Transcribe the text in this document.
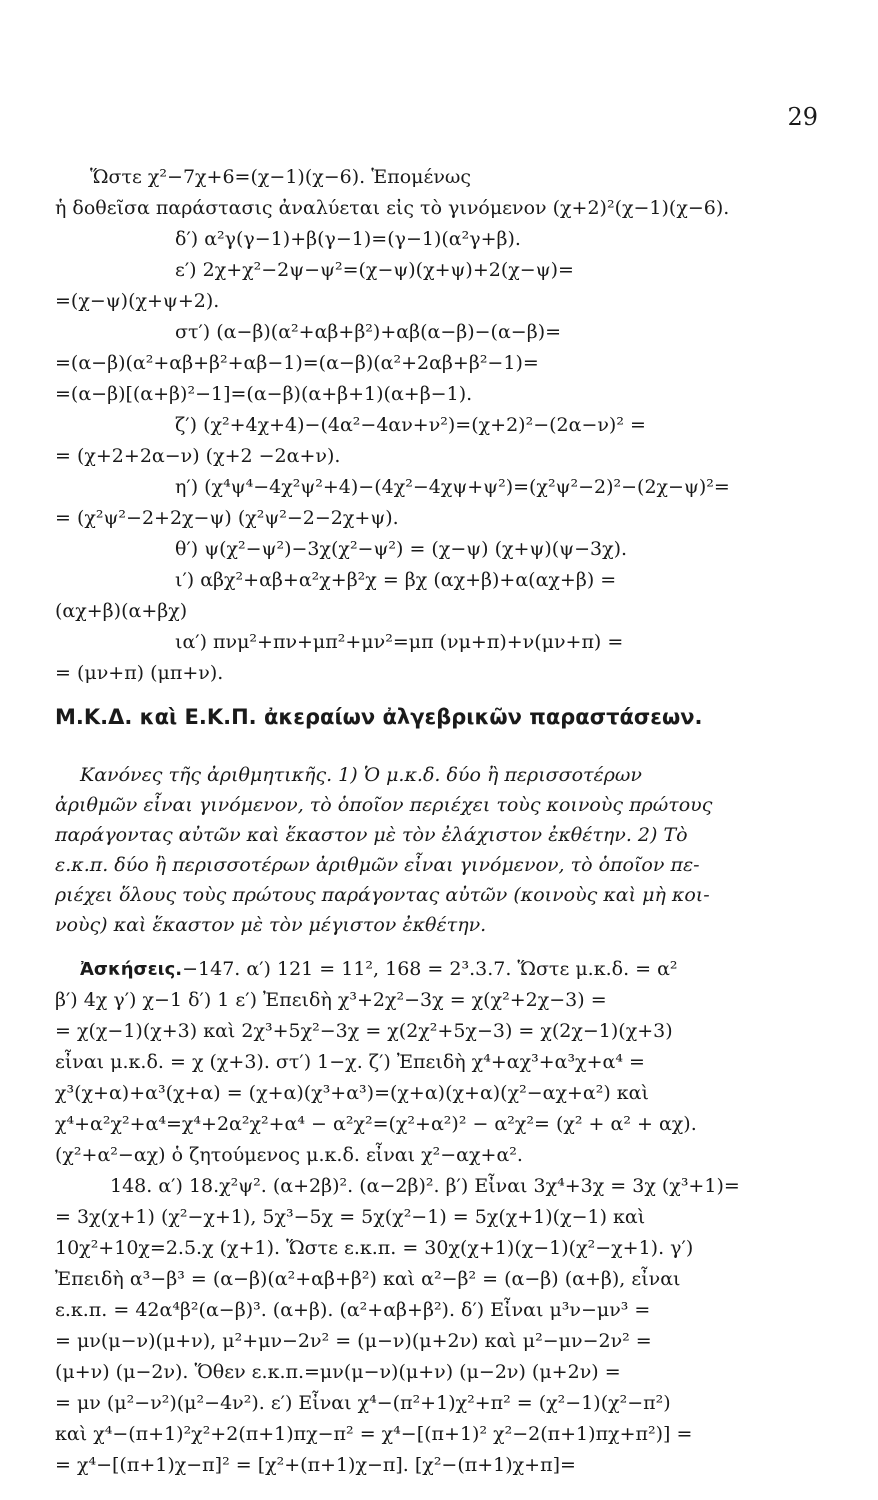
29
Ὥστε χ²−7χ+6=(χ−1)(χ−6). Ἑπομένως
ἡ δοθεῖσα παράστασις ἀναλύεται εἰς τὸ γινόμενον (χ+2)²(χ−1)(χ−6).
δ′) α²γ(γ−1)+β(γ−1)=(γ−1)(α²γ+β).
ε′) 2χ+χ²−2ψ−ψ²=(χ−ψ)(χ+ψ)+2(χ−ψ)=
=(χ−ψ)(χ+ψ+2).
στ′) (α−β)(α²+αβ+β²)+αβ(α−β)−(α−β)=
=(α−β)(α²+αβ+β²+αβ−1)=(α−β)(α²+2αβ+β²−1)=
=(α−β)[(α+β)²−1]=(α−β)(α+β+1)(α+β−1).
ζ′) (χ²+4χ+4)−(4α²−4αν+ν²)=(χ+2)²−(2α−ν)² =
= (χ+2+2α−ν) (χ+2 −2α+ν).
η′) (χ⁴ψ⁴−4χ²ψ²+4)−(4χ²−4χψ+ψ²)=(χ²ψ²−2)²−(2χ−ψ)²=
= (χ²ψ²−2+2χ−ψ) (χ²ψ²−2−2χ+ψ).
θ′) ψ(χ²−ψ²)−3χ(χ²−ψ²) = (χ−ψ) (χ+ψ)(ψ−3χ).
ι′) αβχ²+αβ+α²χ+β²χ = βχ (αχ+β)+α(αχ+β) =
(αχ+β)(α+βχ)
ια′) πνμ²+πν+μπ²+μν²=μπ (νμ+π)+ν(μν+π) =
= (μν+π) (μπ+ν).
Μ.Κ.Δ. καὶ Ε.Κ.Π. ἀκεραίων ἀλγεβρικῶν παραστάσεων.
Κανόνες τῆς ἀριθμητικῆς. 1) Ὁ μ.κ.δ. δύο ἢ περισσοτέρων
ἀριθμῶν εἶναι γινόμενον, τὸ ὁποῖον περιέχει τοὺς κοινοὺς πρώτους
παράγοντας αὐτῶν καὶ ἕκαστον μὲ τὸν ἐλάχιστον ἐκθέτην. 2) Τὸ
ε.κ.π. δύο ἢ περισσοτέρων ἀριθμῶν εἶναι γινόμενον, τὸ ὁποῖον πε-
ριέχει ὅλους τοὺς πρώτους παράγοντας αὐτῶν (κοινοὺς καὶ μὴ κοι-
νοὺς) καὶ ἕκαστον μὲ τὸν μέγιστον ἐκθέτην.
Ἀσκήσεις.−147. α′) 121 = 11², 168 = 2³.3.7. Ὥστε μ.κ.δ. = α²
β′) 4χ γ′) χ−1 δ′) 1 ε′) Ἐπειδὴ χ³+2χ²−3χ = χ(χ²+2χ−3) =
= χ(χ−1)(χ+3) καὶ 2χ³+5χ²−3χ = χ(2χ²+5χ−3) = χ(2χ−1)(χ+3)
εἶναι μ.κ.δ. = χ (χ+3). στ′) 1−χ. ζ′) Ἐπειδὴ χ⁴+αχ³+α³χ+α⁴ =
χ³(χ+α)+α³(χ+α) = (χ+α)(χ³+α³)=(χ+α)(χ+α)(χ²−αχ+α²) καὶ
χ⁴+α²χ²+α⁴=χ⁴+2α²χ²+α⁴ − α²χ²=(χ²+α²)² − α²χ²= (χ² + α² + αχ).
(χ²+α²−αχ) ὁ ζητούμενος μ.κ.δ. εἶναι χ²−αχ+α².
148. α′) 18.χ²ψ². (α+2β)². (α−2β)². β′) Εἶναι 3χ⁴+3χ = 3χ (χ³+1)=
= 3χ(χ+1) (χ²−χ+1), 5χ³−5χ = 5χ(χ²−1) = 5χ(χ+1)(χ−1) καὶ
10χ²+10χ=2.5.χ (χ+1). Ὥστε ε.κ.π. = 30χ(χ+1)(χ−1)(χ²−χ+1). γ′)
Ἐπειδὴ α³−β³ = (α−β)(α²+αβ+β²) καὶ α²−β² = (α−β) (α+β), εἶναι
ε.κ.π. = 42α⁴β²(α−β)³. (α+β). (α²+αβ+β²). δ′) Εἶναι μ³ν−μν³ =
= μν(μ−ν)(μ+ν), μ²+μν−2ν² = (μ−ν)(μ+2ν) καὶ μ²−μν−2ν² =
(μ+ν) (μ−2ν). Ὅθεν ε.κ.π.=μν(μ−ν)(μ+ν) (μ−2ν) (μ+2ν) =
= μν (μ²−ν²)(μ²−4ν²). ε′) Εἶναι χ⁴−(π²+1)χ²+π² = (χ²−1)(χ²−π²)
καὶ χ⁴−(π+1)²χ²+2(π+1)πχ−π² = χ⁴−[(π+1)² χ²−2(π+1)πχ+π²)] =
= χ⁴−[(π+1)χ−π]² = [χ²+(π+1)χ−π]. [χ²−(π+1)χ+π]=
